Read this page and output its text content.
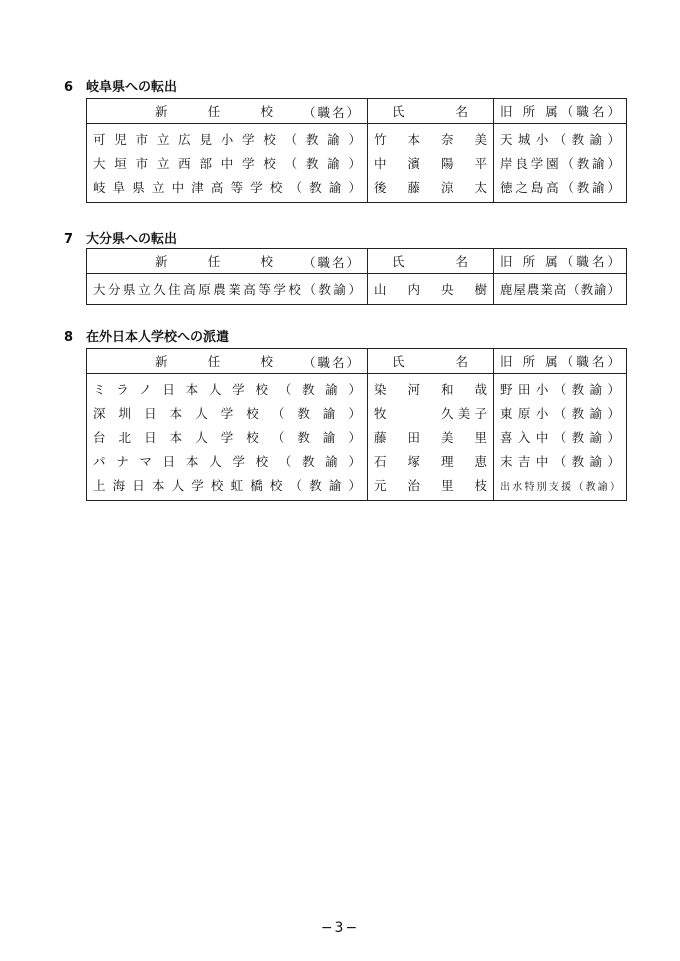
6 岐阜県への転出
新　任　校 （職名）	氏　　名	旧 所 属（職名）
可児市立広見小学校（教諭）	竹本奈美	天城小（教諭）
大垣市立西部中学校（教諭）	中濱陽平	岸良学園（教諭）
岐阜県立中津高等学校（教諭）	後藤涼太	徳之島高（教諭）
7 大分県への転出
新　任　校 （職名）	氏　　名	旧 所 属（職名）
大分県立久住高原農業高等学校（教諭）	山内央樹	鹿屋農業高（教諭）
8 在外日本人学校への派遣
新　任　校 （職名）	氏　　名	旧 所 属（職名）
ミラノ日本人学校（教諭）	染河和哉	野田小（教諭）
深圳日本人学校（教諭）	牧　　　久美子	東原小（教諭）
台北日本人学校（教諭）	藤田美里	喜入中（教諭）
パナマ日本人学校（教諭）	石塚理恵	末吉中（教諭）
上海日本人学校虹橋校（教諭）	元治里枝	出水特別支援（教諭）
−3−
